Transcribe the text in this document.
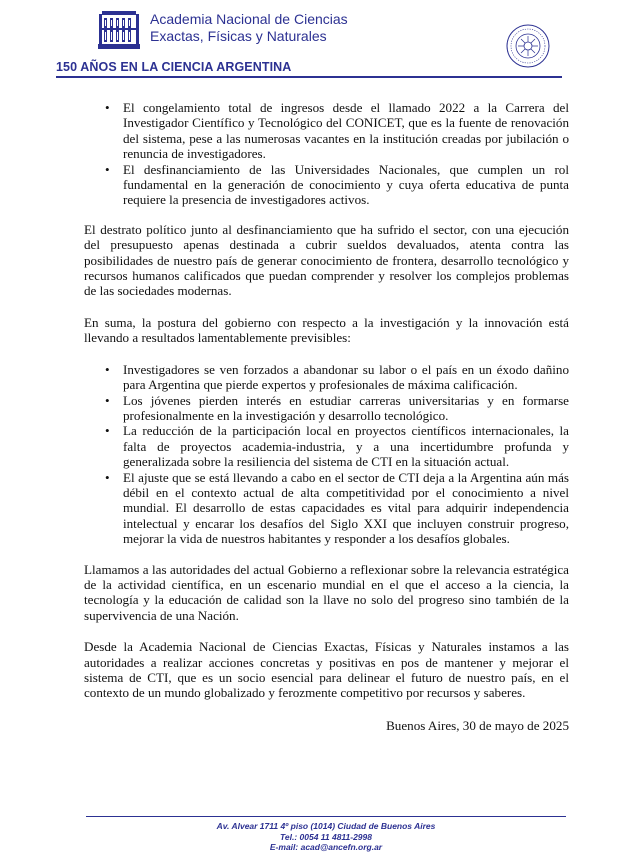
Academia Nacional de Ciencias
Exactas, Físicas y Naturales
150 AÑOS EN LA CIENCIA ARGENTINA
• El congelamiento total de ingresos desde el llamado 2022 a la Carrera del Investigador Científico y Tecnológico del CONICET, que es la fuente de renovación del sistema, pese a las numerosas vacantes en la institución creadas por jubilación o renuncia de investigadores.
• El desfinanciamiento de las Universidades Nacionales, que cumplen un rol fundamental en la generación de conocimiento y cuya oferta educativa de punta requiere la presencia de investigadores activos.

El destrato político junto al desfinanciamiento que ha sufrido el sector, con una ejecución del presupuesto apenas destinada a cubrir sueldos devaluados, atenta contra las posibilidades de nuestro país de generar conocimiento de frontera, desarrollo tecnológico y recursos humanos calificados que puedan comprender y resolver los complejos problemas de las sociedades modernas.

En suma, la postura del gobierno con respecto a la investigación y la innovación está llevando a resultados lamentablemente previsibles:

• Investigadores se ven forzados a abandonar su labor o el país en un éxodo dañino para Argentina que pierde expertos y profesionales de máxima calificación.
• Los jóvenes pierden interés en estudiar carreras universitarias y en formarse profesionalmente en la investigación y desarrollo tecnológico.
• La reducción de la participación local en proyectos científicos internacionales, la falta de proyectos academia-industria, y a una incertidumbre profunda y generalizada sobre la resiliencia del sistema de CTI en la situación actual.
• El ajuste que se está llevando a cabo en el sector de CTI deja a la Argentina aún más débil en el contexto actual de alta competitividad por el conocimiento a nivel mundial. El desarrollo de estas capacidades es vital para adquirir independencia intelectual y encarar los desafíos del Siglo XXI que incluyen construir progreso, mejorar la vida de nuestros habitantes y responder a los desafíos globales.

Llamamos a las autoridades del actual Gobierno a reflexionar sobre la relevancia estratégica de la actividad científica, en un escenario mundial en el que el acceso a la ciencia, la tecnología y la educación de calidad son la llave no solo del progreso sino también de la supervivencia de una Nación.

Desde la Academia Nacional de Ciencias Exactas, Físicas y Naturales instamos a las autoridades a realizar acciones concretas y positivas en pos de mantener y mejorar el sistema de CTI, que es un socio esencial para delinear el futuro de nuestro país, en el contexto de un mundo globalizado y ferozmente competitivo por recursos y saberes.

Buenos Aires, 30 de mayo de 2025

Av. Alvear 1711 4º piso (1014) Ciudad de Buenos Aires
Tel.: 0054 11 4811-2998
E-mail: acad@ancefn.org.ar
